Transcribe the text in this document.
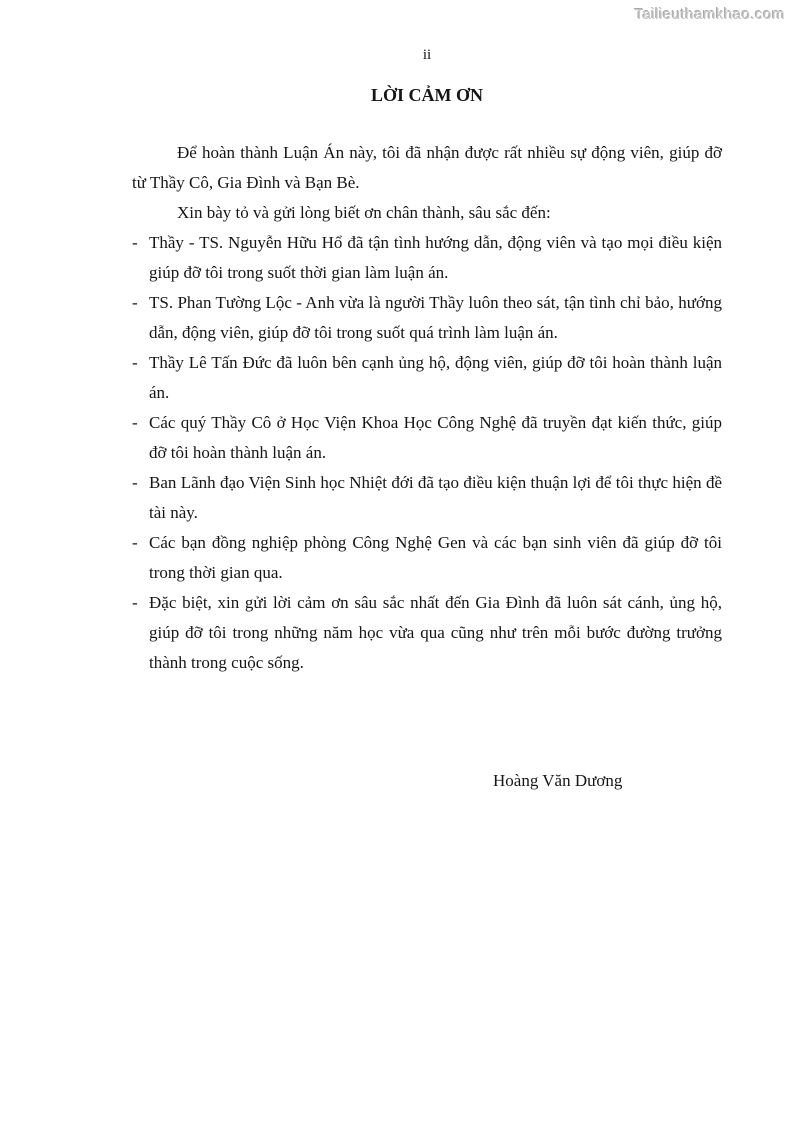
Tailieuthamkhao.com
ii
LỜI CẢM ƠN

Để hoàn thành Luận Án này, tôi đã nhận được rất nhiều sự động viên, giúp đỡ từ Thầy Cô, Gia Đình và Bạn Bè.

Xin bày tỏ và gửi lòng biết ơn chân thành, sâu sắc đến:

- Thầy - TS. Nguyễn Hữu Hổ đã tận tình hướng dẫn, động viên và tạo mọi điều kiện giúp đỡ tôi trong suốt thời gian làm luận án.
- TS. Phan Tường Lộc - Anh vừa là người Thầy luôn theo sát, tận tình chỉ bảo, hướng dẫn, động viên, giúp đỡ tôi trong suốt quá trình làm luận án.
- Thầy Lê Tấn Đức đã luôn bên cạnh ủng hộ, động viên, giúp đỡ tôi hoàn thành luận án.
- Các quý Thầy Cô ở Học Viện Khoa Học Công Nghệ đã truyền đạt kiến thức, giúp đỡ tôi hoàn thành luận án.
- Ban Lãnh đạo Viện Sinh học Nhiệt đới đã tạo điều kiện thuận lợi để tôi thực hiện đề tài này.
- Các bạn đồng nghiệp phòng Công Nghệ Gen và các bạn sinh viên đã giúp đỡ tôi trong thời gian qua.
- Đặc biệt, xin gửi lời cảm ơn sâu sắc nhất đến Gia Đình đã luôn sát cánh, ủng hộ, giúp đỡ tôi trong những năm học vừa qua cũng như trên mỗi bước đường trưởng thành trong cuộc sống.
Hoàng Văn Dương
